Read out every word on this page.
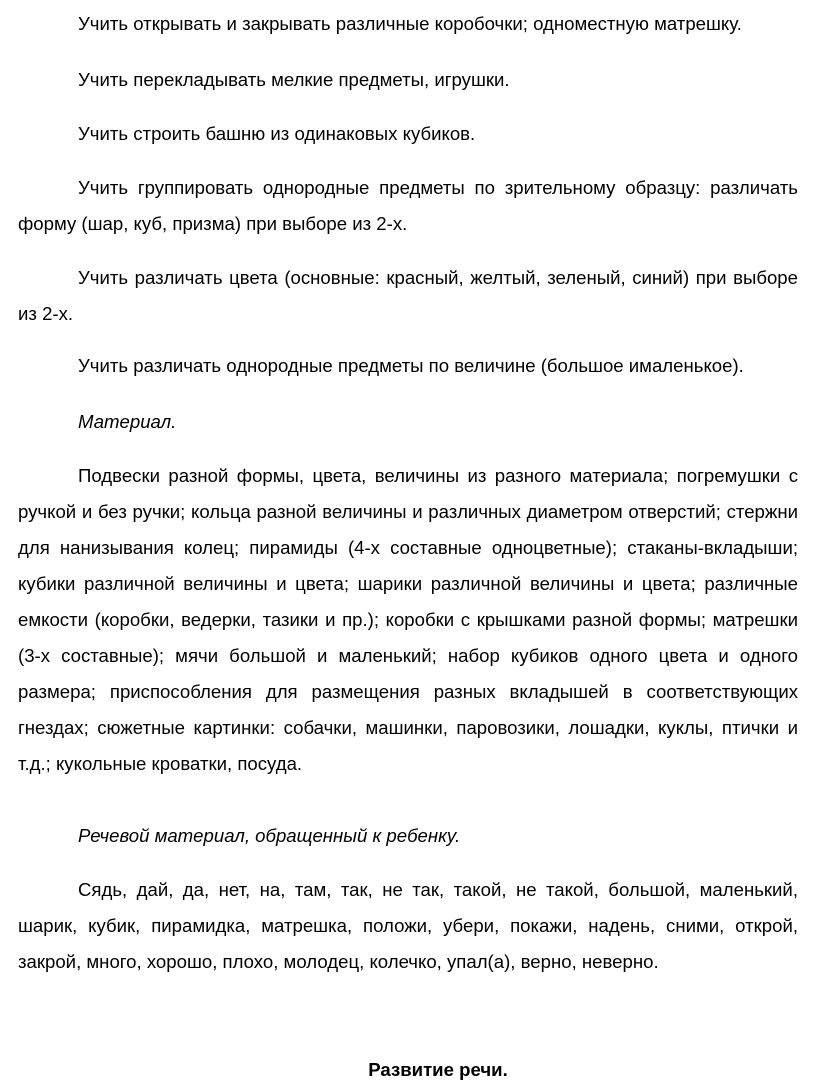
Учить открывать и закрывать различные коробочки; одноместную матрешку.

Учить перекладывать мелкие предметы, игрушки.

Учить строить башню из одинаковых кубиков.

Учить группировать однородные предметы по зрительному образцу: различать форму (шар, куб, призма) при выборе из 2-х.

Учить различать цвета (основные: красный, желтый, зеленый, синий) при выборе из 2-х.

Учить различать однородные предметы по величине (большое ималенькое).

Материал.

Подвески разной формы, цвета, величины из разного материала; погремушки с ручкой и без ручки; кольца разной величины и различных диаметром отверстий; стержни для нанизывания колец; пирамиды (4-х составные одноцветные); стаканы-вкладыши; кубики различной величины и цвета; шарики различной величины и цвета; различные емкости (коробки, ведерки, тазики и пр.); коробки с крышками разной формы; матрешки (3-х составные); мячи большой и маленький; набор кубиков одного цвета и одного размера; приспособления для размещения разных вкладышей в соответствующих гнездах; сюжетные картинки: собачки, машинки, паровозики, лошадки, куклы, птички и т.д.; кукольные кроватки, посуда.

Речевой материал, обращенный к ребенку.

Сядь, дай, да, нет, на, там, так, не так, такой, не такой, большой, маленький, шарик, кубик, пирамидка, матрешка, положи, убери, покажи, надень, сними, открой, закрой, много, хорошо, плохо, молодец, колечко, упал(а), верно, неверно.

Развитие речи.
